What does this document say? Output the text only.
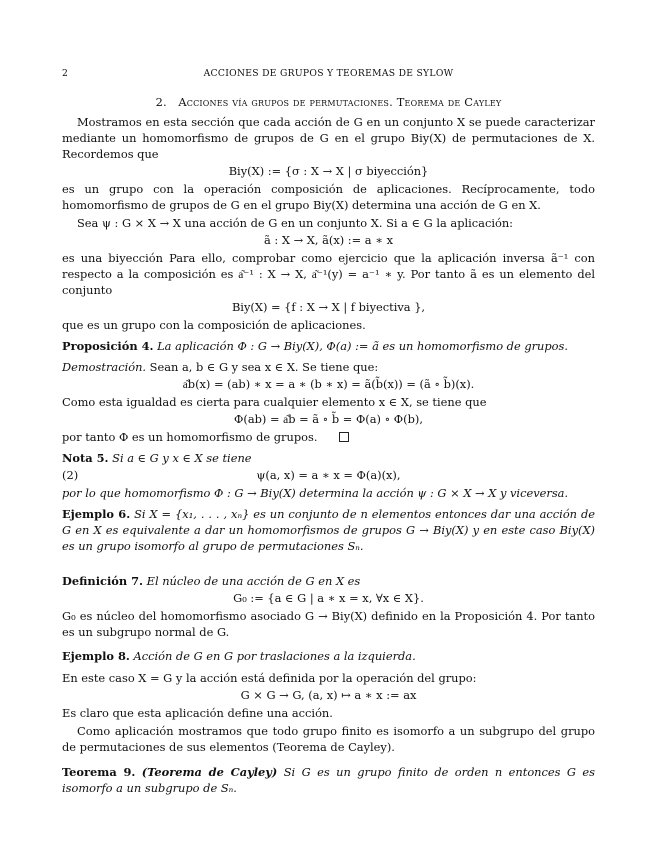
2	ACCIONES DE GRUPOS Y TEOREMAS DE SYLOW
2. Acciones vía grupos de permutaciones. Teorema de Cayley

Mostramos en esta sección que cada acción de G en un conjunto X se puede caracterizar mediante un homomorfismo de grupos de G en el grupo Biy(X) de permutaciones de X. Recordemos que

Biy(X) := {σ : X → X | σ biyección}

es un grupo con la operación composición de aplicaciones. Recíprocamente, todo homomorfismo de grupos de G en el grupo Biy(X) determina una acción de G en X.

Sea ψ : G × X → X una acción de G en un conjunto X. Si a ∈ G la aplicación:

ã : X → X, ã(x) := a ∗ x

es una biyección Para ello, comprobar como ejercicio que la aplicación inversa ã⁻¹ con respecto a la composición es a͂⁻¹ : X → X, a͂⁻¹(y) = a⁻¹ ∗ y. Por tanto ã es un elemento del conjunto

Biy(X) = {f : X → X | f biyectiva },

que es un grupo con la composición de aplicaciones.

Proposición 4. La aplicación Φ : G → Biy(X), Φ(a) := ã es un homomorfismo de grupos.

Demostración. Sean a, b ∈ G y sea x ∈ X. Se tiene que:

a͂b(x) = (ab) ∗ x = a ∗ (b ∗ x) = ã(b̃(x)) = (ã ∘ b̃)(x).

Como esta igualdad es cierta para cualquier elemento x ∈ X, se tiene que

Φ(ab) = a͂b = ã ∘ b̃ = Φ(a) ∘ Φ(b),

por tanto Φ es un homomorfismo de grupos.

Nota 5. Si a ∈ G y x ∈ X se tiene

(2)	ψ(a, x) = a ∗ x = Φ(a)(x),

por lo que homomorfismo Φ : G → Biy(X) determina la acción ψ : G × X → X y viceversa.

Ejemplo 6. Si X = {x₁, . . . , xₙ} es un conjunto de n elementos entonces dar una acción de G en X es equivalente a dar un homomorfismos de grupos G → Biy(X) y en este caso Biy(X) es un grupo isomorfo al grupo de permutaciones Sₙ.

Definición 7. El núcleo de una acción de G en X es

G₀ := {a ∈ G | a ∗ x = x, ∀x ∈ X}.

G₀ es núcleo del homomorfismo asociado G → Biy(X) definido en la Proposición 4. Por tanto es un subgrupo normal de G.

Ejemplo 8. Acción de G en G por traslaciones a la izquierda.

En este caso X = G y la acción está definida por la operación del grupo:

G × G → G, (a, x) ↦ a ∗ x := ax

Es claro que esta aplicación define una acción.

Como aplicación mostramos que todo grupo finito es isomorfo a un subgrupo del grupo de permutaciones de sus elementos (Teorema de Cayley).

Teorema 9. (Teorema de Cayley) Si G es un grupo finito de orden n entonces G es isomorfo a un subgrupo de Sₙ.
